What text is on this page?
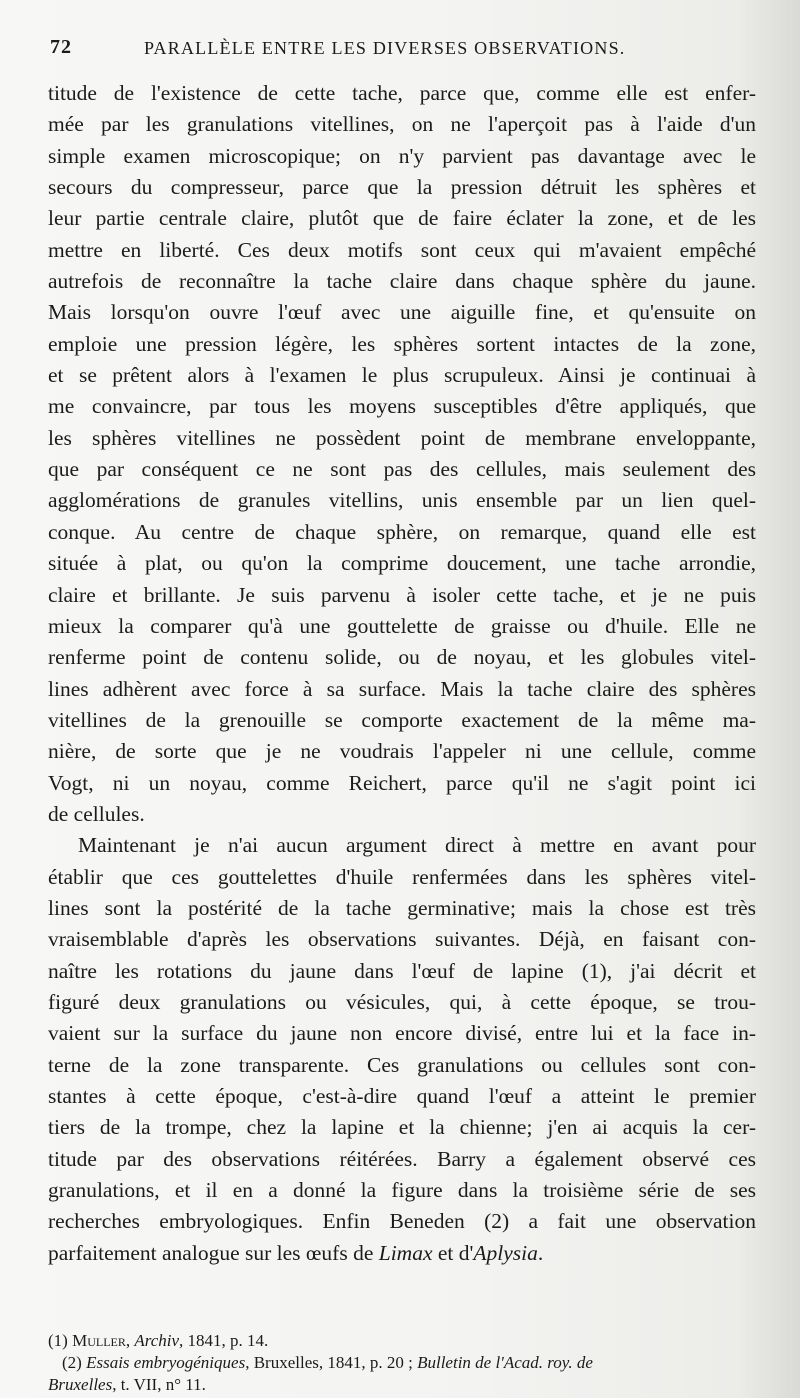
72	PARALLÈLE ENTRE LES DIVERSES OBSERVATIONS.
titude de l'existence de cette tache, parce que, comme elle est enfer-
mée par les granulations vitellines, on ne l'aperçoit pas à l'aide d'un
simple examen microscopique; on n'y parvient pas davantage avec le
secours du compresseur, parce que la pression détruit les sphères et
leur partie centrale claire, plutôt que de faire éclater la zone, et de les
mettre en liberté. Ces deux motifs sont ceux qui m'avaient empêché
autrefois de reconnaître la tache claire dans chaque sphère du jaune.
Mais lorsqu'on ouvre l'œuf avec une aiguille fine, et qu'ensuite on
emploie une pression légère, les sphères sortent intactes de la zone,
et se prêtent alors à l'examen le plus scrupuleux. Ainsi je continuai à
me convaincre, par tous les moyens susceptibles d'être appliqués, que
les sphères vitellines ne possèdent point de membrane enveloppante,
que par conséquent ce ne sont pas des cellules, mais seulement des
agglomérations de granules vitellins, unis ensemble par un lien quel-
conque. Au centre de chaque sphère, on remarque, quand elle est
située à plat, ou qu'on la comprime doucement, une tache arrondie,
claire et brillante. Je suis parvenu à isoler cette tache, et je ne puis
mieux la comparer qu'à une gouttelette de graisse ou d'huile. Elle ne
renferme point de contenu solide, ou de noyau, et les globules vitel-
lines adhèrent avec force à sa surface. Mais la tache claire des sphères
vitellines de la grenouille se comporte exactement de la même ma-
nière, de sorte que je ne voudrais l'appeler ni une cellule, comme
Vogt, ni un noyau, comme Reichert, parce qu'il ne s'agit point ici
de cellules.
Maintenant je n'ai aucun argument direct à mettre en avant pour
établir que ces gouttelettes d'huile renfermées dans les sphères vitel-
lines sont la postérité de la tache germinative; mais la chose est très
vraisemblable d'après les observations suivantes. Déjà, en faisant con-
naître les rotations du jaune dans l'œuf de lapine (1), j'ai décrit et
figuré deux granulations ou vésicules, qui, à cette époque, se trou-
vaient sur la surface du jaune non encore divisé, entre lui et la face in-
terne de la zone transparente. Ces granulations ou cellules sont con-
stantes à cette époque, c'est-à-dire quand l'œuf a atteint le premier
tiers de la trompe, chez la lapine et la chienne; j'en ai acquis la cer-
titude par des observations réitérées. Barry a également observé ces
granulations, et il en a donné la figure dans la troisième série de ses
recherches embryologiques. Enfin Beneden (2) a fait une observation
parfaitement analogue sur les œufs de Limax et d'Aplysia.
(1) Muller, Archiv, 1841, p. 14.
(2) Essais embryogéniques, Bruxelles, 1841, p. 20 ; Bulletin de l'Acad. roy. de
Bruxelles, t. VII, n° 11.
